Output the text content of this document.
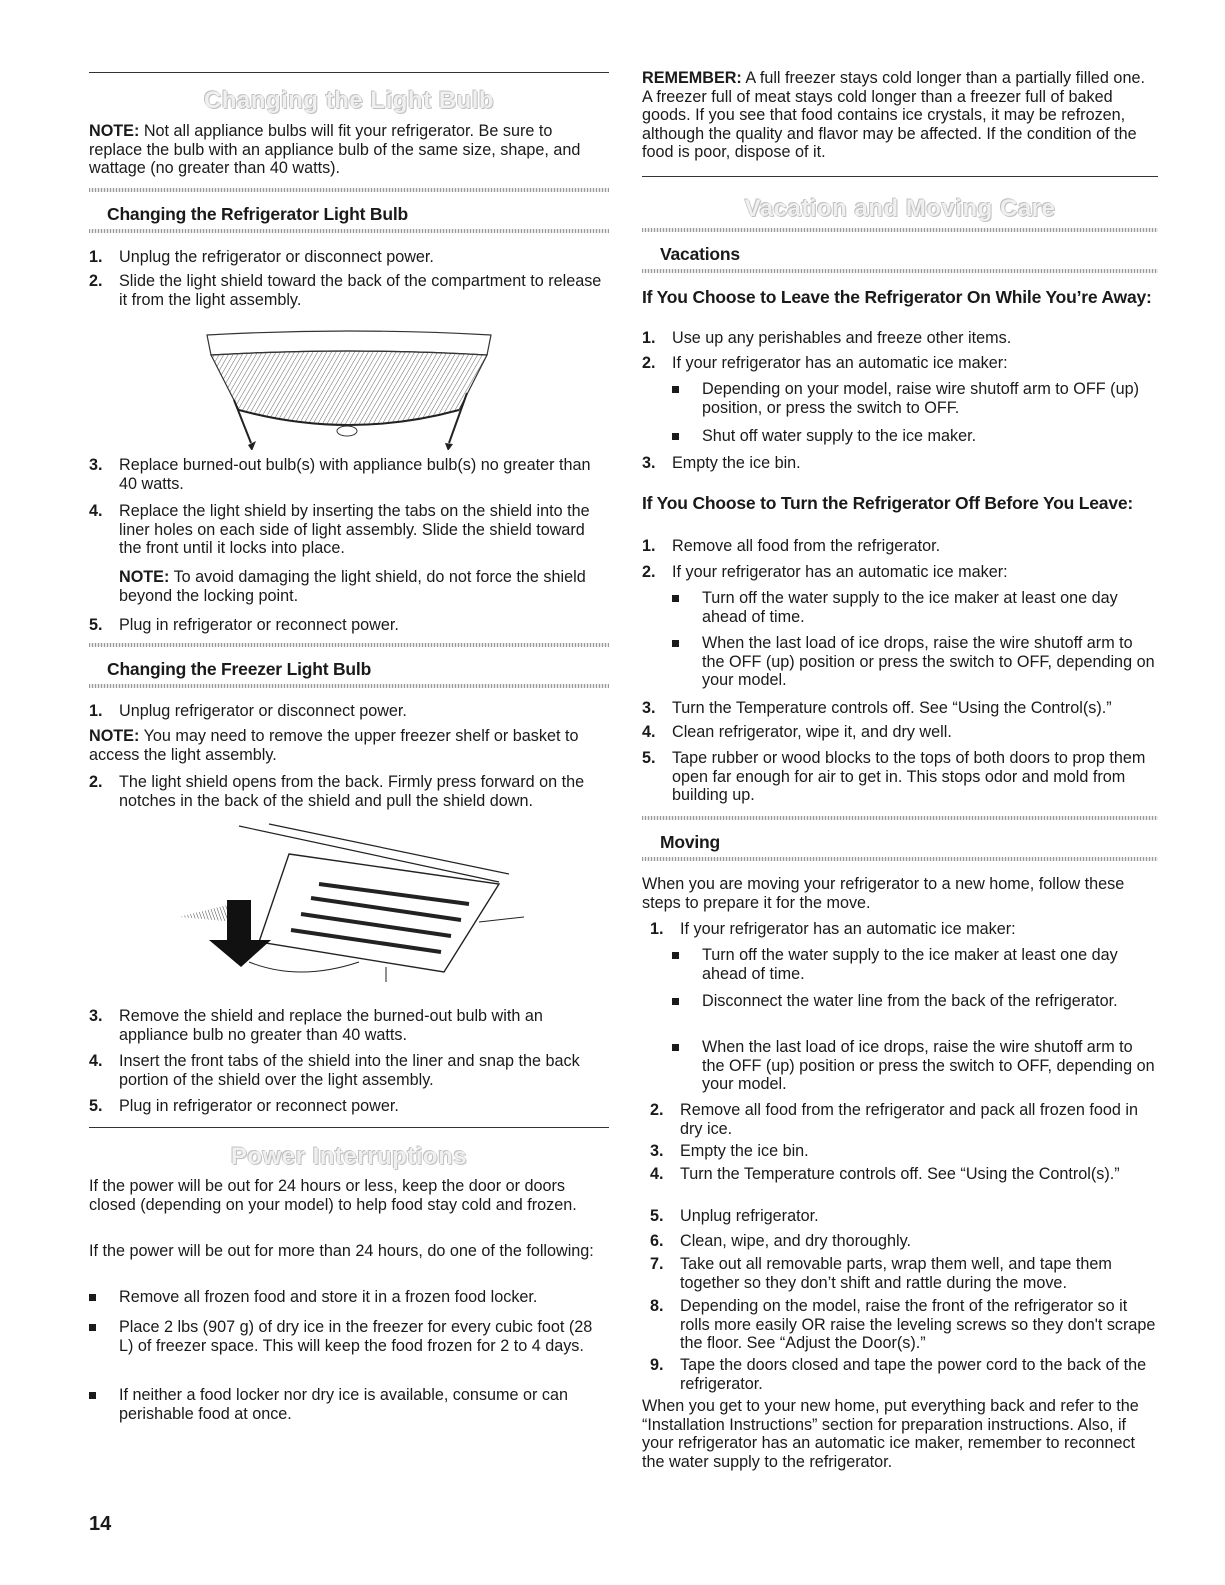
Changing the Light Bulb

NOTE: Not all appliance bulbs will fit your refrigerator. Be sure to replace the bulb with an appliance bulb of the same size, shape, and wattage (no greater than 40 watts).

Changing the Refrigerator Light Bulb
1.	Unplug the refrigerator or disconnect power.

2.	Slide the light shield toward the back of the compartment to release it from the light assembly.

3.	Replace burned-out bulb(s) with appliance bulb(s) no greater than 40 watts.

4.	Replace the light shield by inserting the tabs on the shield into the liner holes on each side of light assembly. Slide the shield toward the front until it locks into place.

NOTE: To avoid damaging the light shield, do not force the shield beyond the locking point.

5.	Plug in refrigerator or reconnect power.

Changing the Freezer Light Bulb
1.	Unplug refrigerator or disconnect power.

NOTE: You may need to remove the upper freezer shelf or basket to access the light assembly.

2.	The light shield opens from the back. Firmly press forward on the notches in the back of the shield and pull the shield down.

3.	Remove the shield and replace the burned-out bulb with an appliance bulb no greater than 40 watts.

4.	Insert the front tabs of the shield into the liner and snap the back portion of the shield over the light assembly.

5.	Plug in refrigerator or reconnect power.

Power Interruptions

If the power will be out for 24 hours or less, keep the door or doors closed (depending on your model) to help food stay cold and frozen.

If the power will be out for more than 24 hours, do one of the following:

Remove all frozen food and store it in a frozen food locker.

Place 2 lbs (907 g) of dry ice in the freezer for every cubic foot (28 L) of freezer space. This will keep the food frozen for 2 to 4 days.

If neither a food locker nor dry ice is available, consume or can perishable food at once.

REMEMBER: A full freezer stays cold longer than a partially filled one. A freezer full of meat stays cold longer than a freezer full of baked goods. If you see that food contains ice crystals, it may be refrozen, although the quality and flavor may be affected. If the condition of the food is poor, dispose of it.

Vacation and Moving Care
Vacations
If You Choose to Leave the Refrigerator On While You’re Away:
1.	Use up any perishables and freeze other items.

2.	If your refrigerator has an automatic ice maker:

Depending on your model, raise wire shutoff arm to OFF (up) position, or press the switch to OFF.

Shut off water supply to the ice maker.

3.	Empty the ice bin.

If You Choose to Turn the Refrigerator Off Before You Leave:
1.	Remove all food from the refrigerator.

2.	If your refrigerator has an automatic ice maker:

Turn off the water supply to the ice maker at least one day ahead of time.

When the last load of ice drops, raise the wire shutoff arm to the OFF (up) position or press the switch to OFF, depending on your model.

3.	Turn the Temperature controls off. See “Using the Control(s).”

4.	Clean refrigerator, wipe it, and dry well.

5.	Tape rubber or wood blocks to the tops of both doors to prop them open far enough for air to get in. This stops odor and mold from building up.

Moving

When you are moving your refrigerator to a new home, follow these steps to prepare it for the move.

1.	If your refrigerator has an automatic ice maker:

Turn off the water supply to the ice maker at least one day ahead of time.

Disconnect the water line from the back of the refrigerator.

When the last load of ice drops, raise the wire shutoff arm to the OFF (up) position or press the switch to OFF, depending on your model.

2.	Remove all food from the refrigerator and pack all frozen food in dry ice.

3.	Empty the ice bin.

4.	Turn the Temperature controls off. See “Using the Control(s).”

5.	Unplug refrigerator.

6.	Clean, wipe, and dry thoroughly.

7.	Take out all removable parts, wrap them well, and tape them together so they don’t shift and rattle during the move.

8.	Depending on the model, raise the front of the refrigerator so it rolls more easily OR raise the leveling screws so they don't scrape the floor. See “Adjust the Door(s).”

9.	Tape the doors closed and tape the power cord to the back of the refrigerator.

When you get to your new home, put everything back and refer to the “Installation Instructions” section for preparation instructions. Also, if your refrigerator has an automatic ice maker, remember to reconnect the water supply to the refrigerator.

14
